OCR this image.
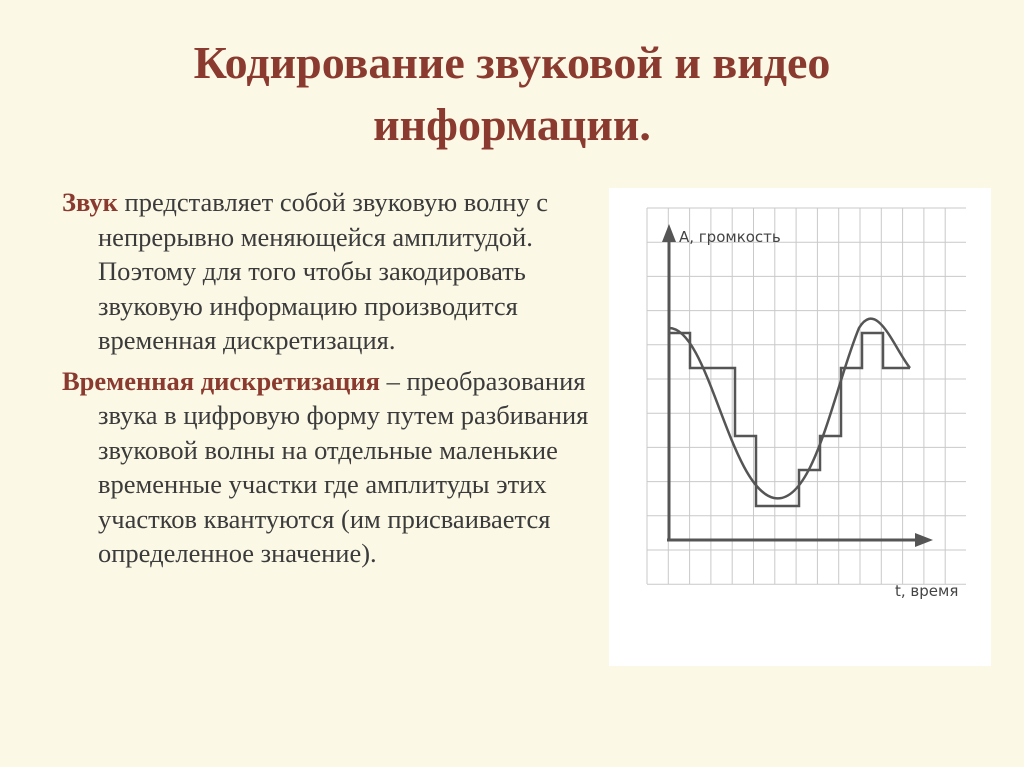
Кодирование звуковой и видео
информации.

Звук представляет собой звуковую волну с непрерывно меняющейся амплитудой. Поэтому для того чтобы закодировать звуковую информацию производится временная дискретизация.

Временная дискретизация – преобразования звука в цифровую форму путем разбивания звуковой волны на отдельные маленькие временные участки где амплитуды этих участков квантуются (им присваивается определенное значение).

А, громкость
t, время
